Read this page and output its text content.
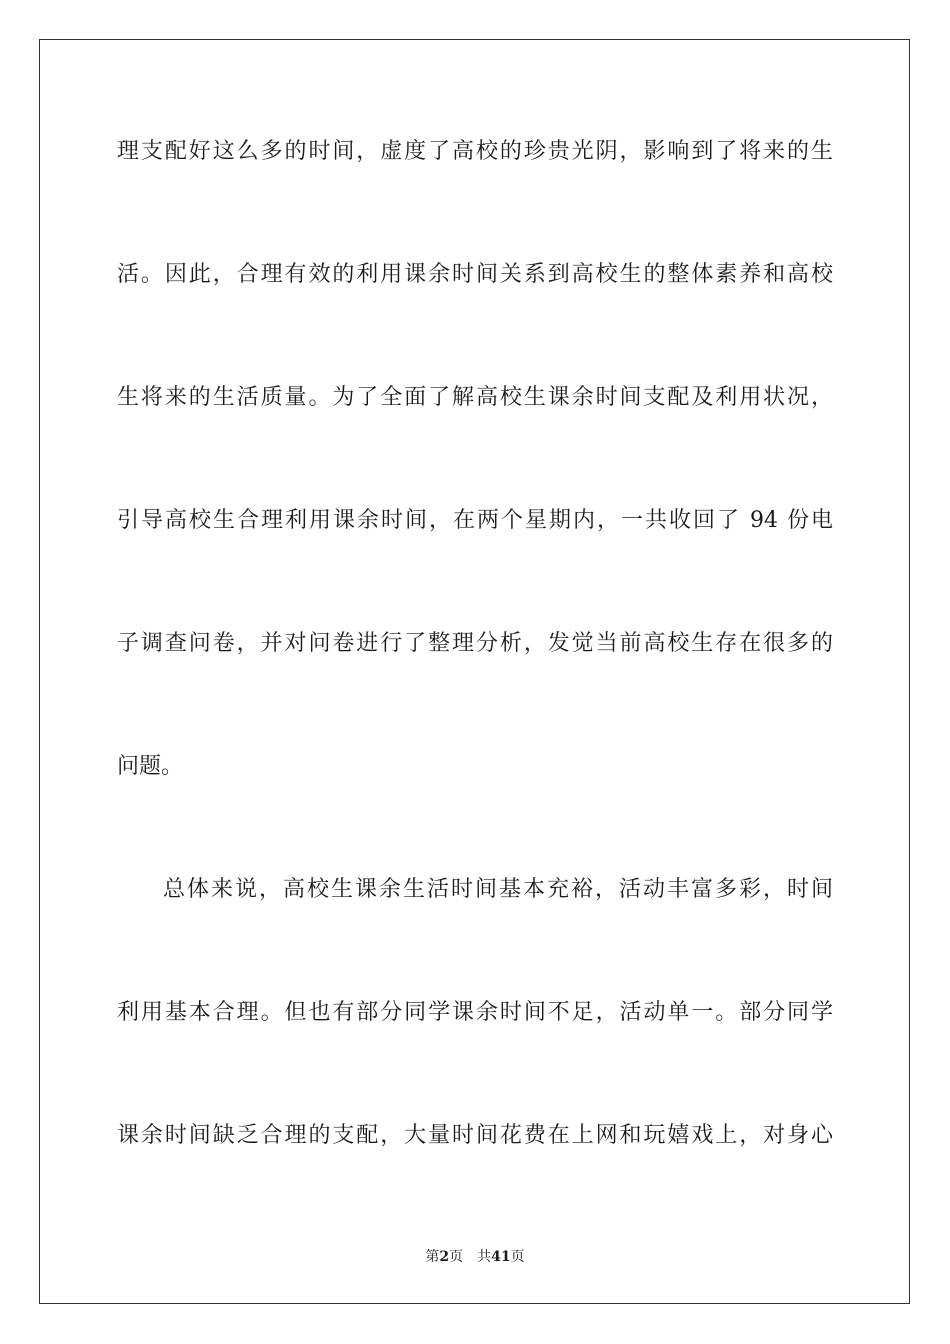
理支配好这么多的时间，虚度了高校的珍贵光阴，影响到了将来的生
活。因此，合理有效的利用课余时间关系到高校生的整体素养和高校
生将来的生活质量。为了全面了解高校生课余时间支配及利用状况，
引导高校生合理利用课余时间，在两个星期内，一共收回了 94 份电
子调查问卷，并对问卷进行了整理分析，发觉当前高校生存在很多的
问题。
总体来说，高校生课余生活时间基本充裕，活动丰富多彩，时间
利用基本合理。但也有部分同学课余时间不足，活动单一。部分同学
课余时间缺乏合理的支配，大量时间花费在上网和玩嬉戏上，对身心
第2页 共41页
